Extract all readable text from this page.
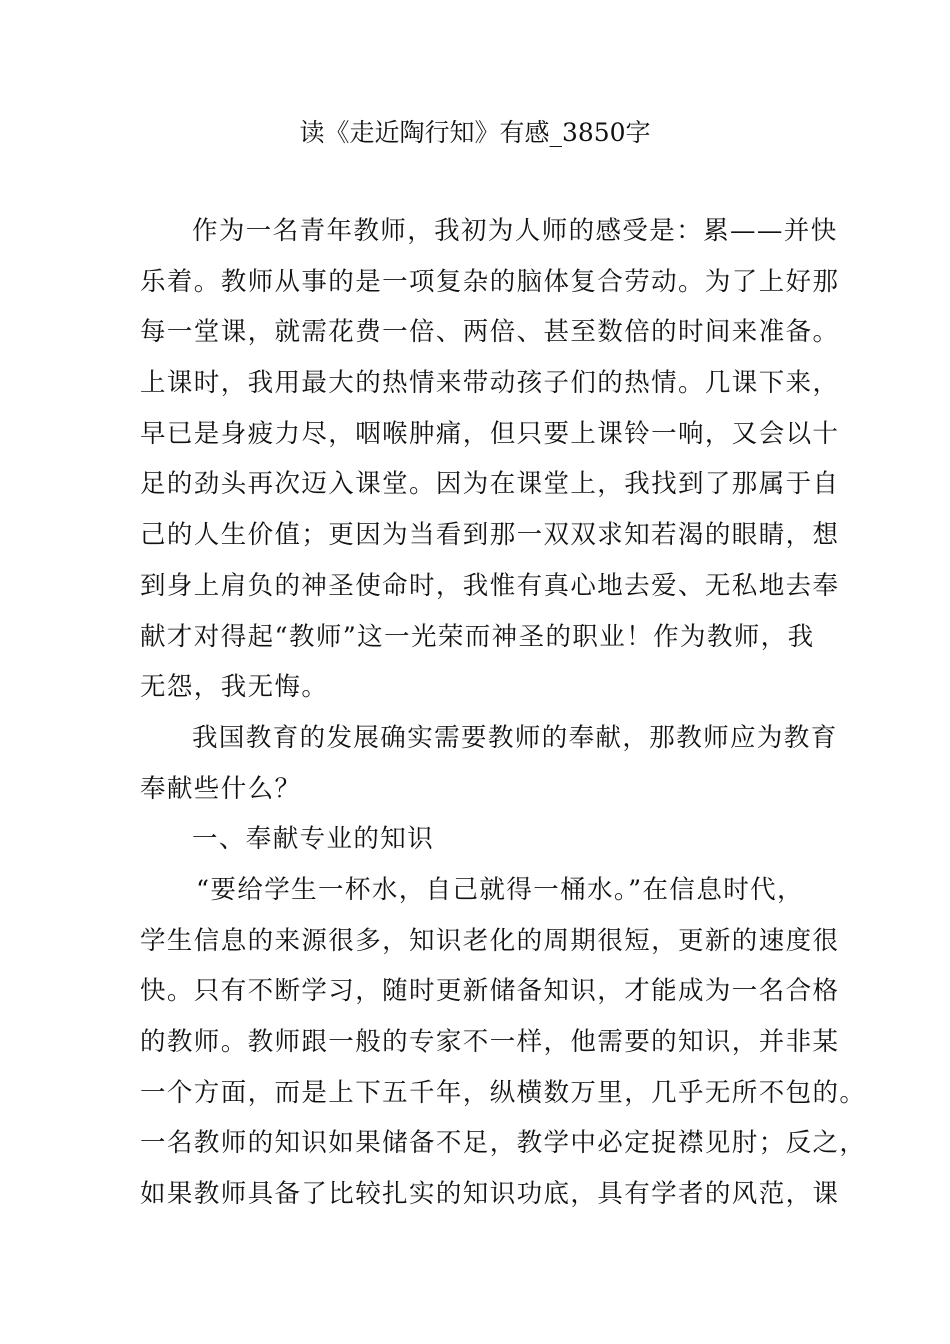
读《走近陶行知》有感_3850字
作为一名青年教师，我初为人师的感受是：累——并快
乐着。教师从事的是一项复杂的脑体复合劳动。为了上好那
每一堂课，就需花费一倍、两倍、甚至数倍的时间来准备。
上课时，我用最大的热情来带动孩子们的热情。几课下来，
早已是身疲力尽，咽喉肿痛，但只要上课铃一响，又会以十
足的劲头再次迈入课堂。因为在课堂上，我找到了那属于自
己的人生价值；更因为当看到那一双双求知若渴的眼睛，想
到身上肩负的神圣使命时，我惟有真心地去爱、无私地去奉
献才对得起“教师”这一光荣而神圣的职业！作为教师，我
无怨，我无悔。
我国教育的发展确实需要教师的奉献，那教师应为教育
奉献些什么？
一、奉献专业的知识
“要给学生一杯水，自己就得一桶水。”在信息时代，
学生信息的来源很多，知识老化的周期很短，更新的速度很
快。只有不断学习，随时更新储备知识，才能成为一名合格
的教师。教师跟一般的专家不一样，他需要的知识，并非某
一个方面，而是上下五千年，纵横数万里，几乎无所不包的。
一名教师的知识如果储备不足，教学中必定捉襟见肘；反之，
如果教师具备了比较扎实的知识功底，具有学者的风范，课
